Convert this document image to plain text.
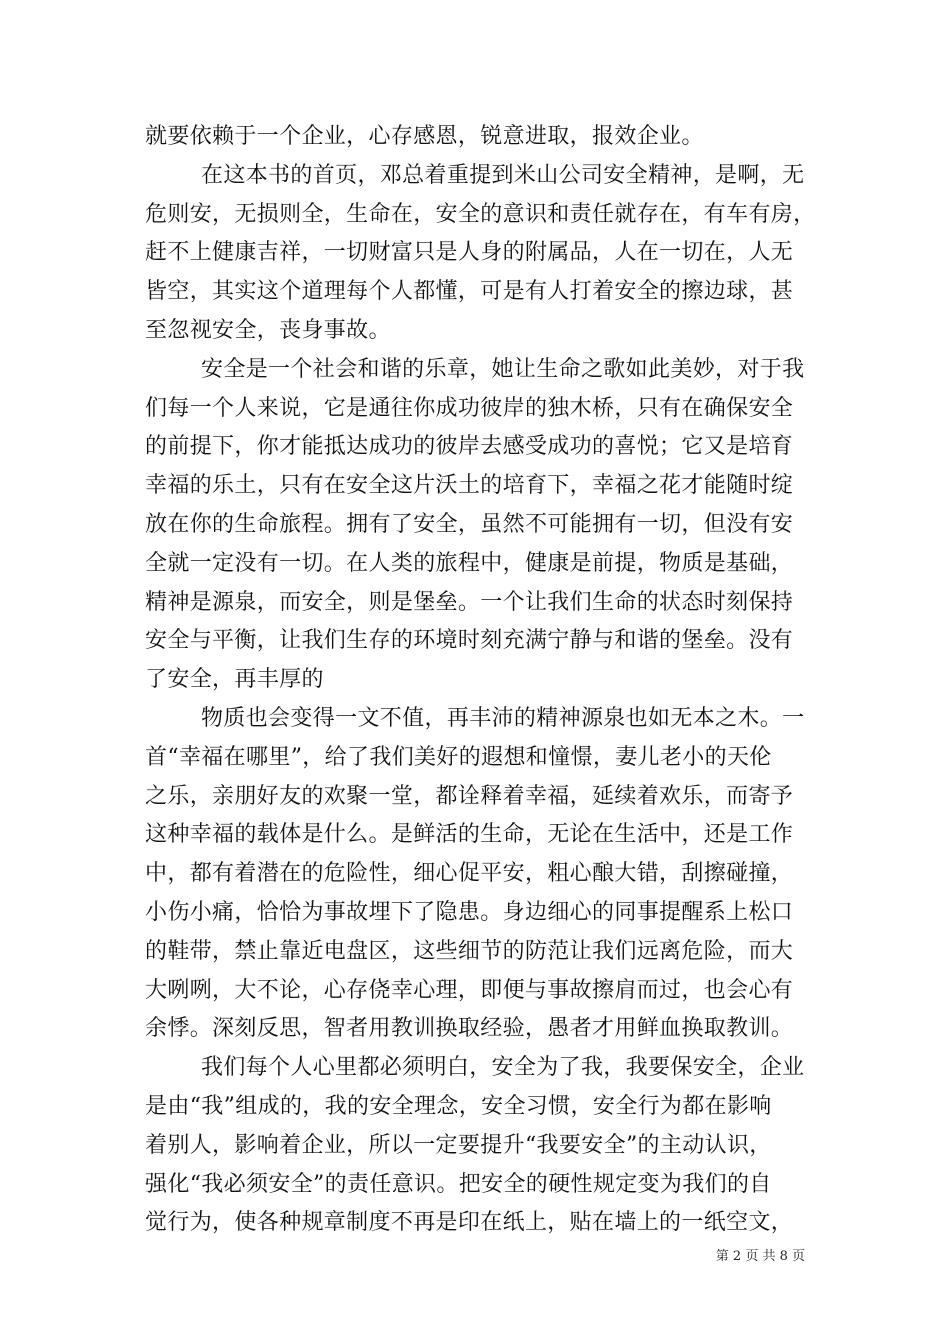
就要依赖于一个企业，心存感恩，锐意进取，报效企业。
在这本书的首页，邓总着重提到米山公司安全精神，是啊，无
危则安，无损则全，生命在，安全的意识和责任就存在，有车有房，
赶不上健康吉祥，一切财富只是人身的附属品，人在一切在，人无
皆空，其实这个道理每个人都懂，可是有人打着安全的擦边球，甚
至忽视安全，丧身事故。
安全是一个社会和谐的乐章，她让生命之歌如此美妙，对于我
们每一个人来说，它是通往你成功彼岸的独木桥，只有在确保安全
的前提下，你才能抵达成功的彼岸去感受成功的喜悦；它又是培育
幸福的乐土，只有在安全这片沃土的培育下，幸福之花才能随时绽
放在你的生命旅程。拥有了安全，虽然不可能拥有一切，但没有安
全就一定没有一切。在人类的旅程中，健康是前提，物质是基础，
精神是源泉，而安全，则是堡垒。一个让我们生命的状态时刻保持
安全与平衡，让我们生存的环境时刻充满宁静与和谐的堡垒。没有
了安全，再丰厚的
物质也会变得一文不值，再丰沛的精神源泉也如无本之木。一
首“幸福在哪里”，给了我们美好的遐想和憧憬，妻儿老小的天伦
之乐，亲朋好友的欢聚一堂，都诠释着幸福，延续着欢乐，而寄予
这种幸福的载体是什么。是鲜活的生命，无论在生活中，还是工作
中，都有着潜在的危险性，细心促平安，粗心酿大错，刮擦碰撞，
小伤小痛，恰恰为事故埋下了隐患。身边细心的同事提醒系上松口
的鞋带，禁止靠近电盘区，这些细节的防范让我们远离危险，而大
大咧咧，大不论，心存侥幸心理，即便与事故擦肩而过，也会心有
余悸。深刻反思，智者用教训换取经验，愚者才用鲜血换取教训。
我们每个人心里都必须明白，安全为了我，我要保安全，企业
是由“我”组成的，我的安全理念，安全习惯，安全行为都在影响
着别人，影响着企业，所以一定要提升“我要安全”的主动认识，
强化“我必须安全”的责任意识。把安全的硬性规定变为我们的自
觉行为，使各种规章制度不再是印在纸上，贴在墙上的一纸空文，
第 2 页 共 8 页
